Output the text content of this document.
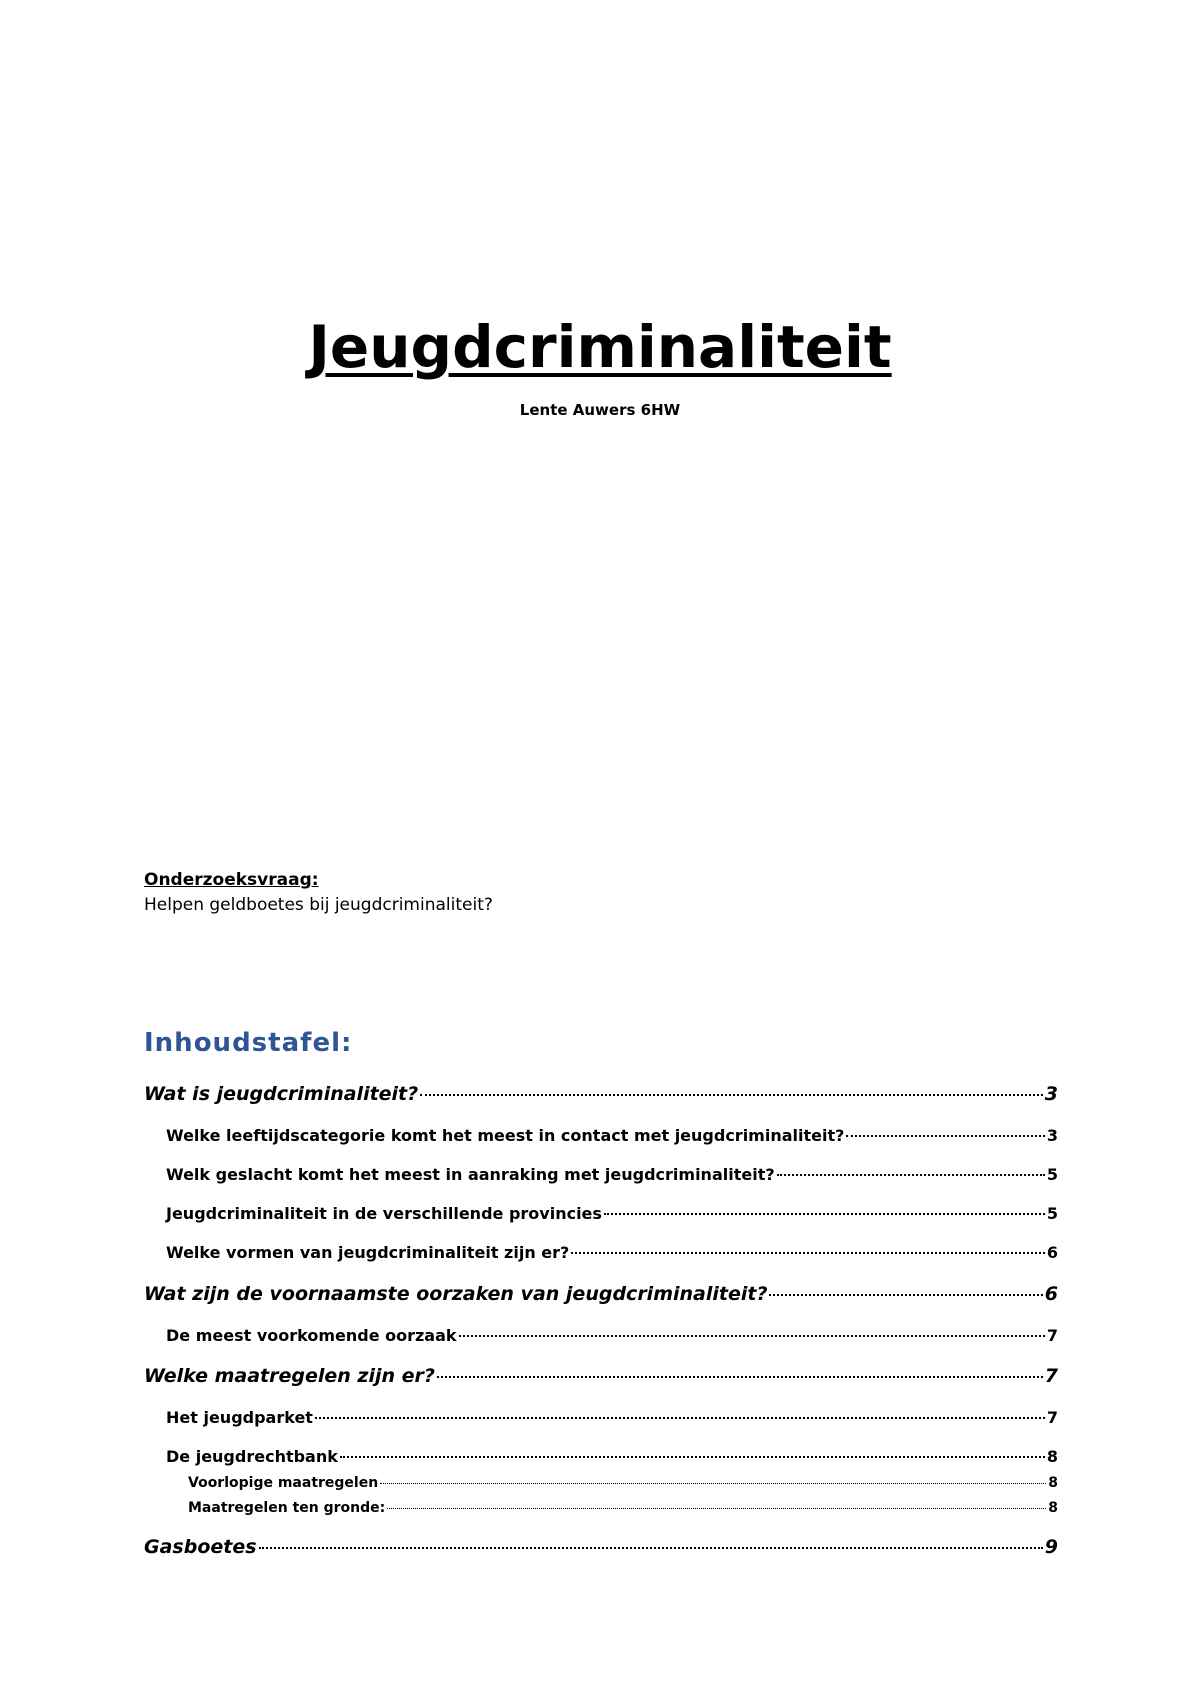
Jeugdcriminaliteit
Lente Auwers 6HW
Onderzoeksvraag:
Helpen geldboetes bij jeugdcriminaliteit?
Inhoudstafel:
Wat is jeugdcriminaliteit?	3
Welke leeftijdscategorie komt het meest in contact met jeugdcriminaliteit?	3
Welk geslacht komt het meest in aanraking met jeugdcriminaliteit?	5
Jeugdcriminaliteit in de verschillende provincies	5
Welke vormen van jeugdcriminaliteit zijn er?	6
Wat zijn de voornaamste oorzaken van jeugdcriminaliteit?	6
De meest voorkomende oorzaak	7
Welke maatregelen zijn er?	7
Het jeugdparket	7
De jeugdrechtbank	8
Voorlopige maatregelen	8
Maatregelen ten gronde:	8
Gasboetes	9
